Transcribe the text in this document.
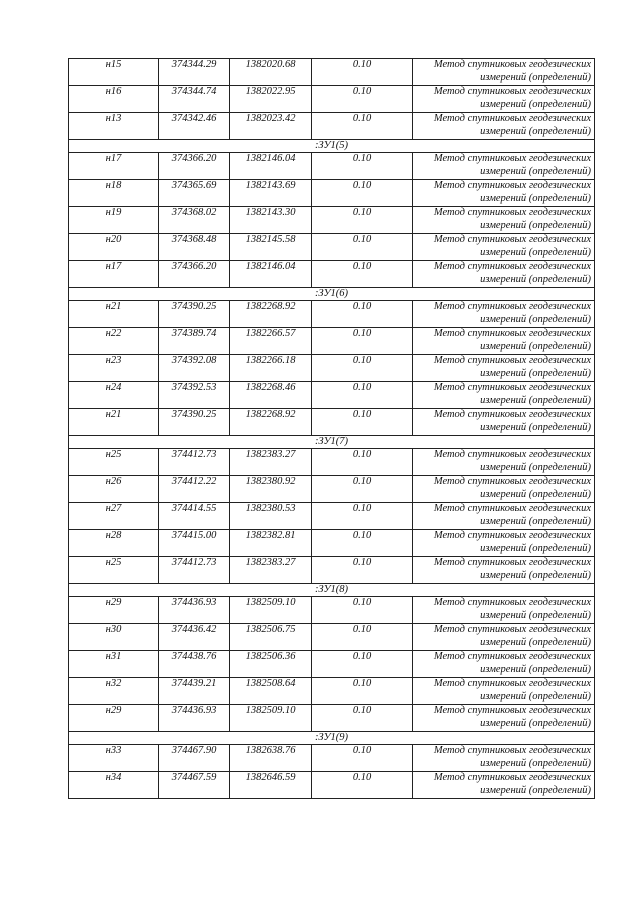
н15	374344.29	1382020.68	0.10	Метод спутниковых геодезических
измерений (определений)

н16	374344.74	1382022.95	0.10	Метод спутниковых геодезических
измерений (определений)

н13	374342.46	1382023.42	0.10	Метод спутниковых геодезических
измерений (определений)

:ЗУ1(5)				
н17	374366.20	1382146.04	0.10	Метод спутниковых геодезических
измерений (определений)

н18	374365.69	1382143.69	0.10	Метод спутниковых геодезических
измерений (определений)

н19	374368.02	1382143.30	0.10	Метод спутниковых геодезических
измерений (определений)

н20	374368.48	1382145.58	0.10	Метод спутниковых геодезических
измерений (определений)

н17	374366.20	1382146.04	0.10	Метод спутниковых геодезических
измерений (определений)

:ЗУ1(6)				
н21	374390.25	1382268.92	0.10	Метод спутниковых геодезических
измерений (определений)

н22	374389.74	1382266.57	0.10	Метод спутниковых геодезических
измерений (определений)

н23	374392.08	1382266.18	0.10	Метод спутниковых геодезических
измерений (определений)

н24	374392.53	1382268.46	0.10	Метод спутниковых геодезических
измерений (определений)

н21	374390.25	1382268.92	0.10	Метод спутниковых геодезических
измерений (определений)

:ЗУ1(7)				
н25	374412.73	1382383.27	0.10	Метод спутниковых геодезических
измерений (определений)

н26	374412.22	1382380.92	0.10	Метод спутниковых геодезических
измерений (определений)

н27	374414.55	1382380.53	0.10	Метод спутниковых геодезических
измерений (определений)

н28	374415.00	1382382.81	0.10	Метод спутниковых геодезических
измерений (определений)

н25	374412.73	1382383.27	0.10	Метод спутниковых геодезических
измерений (определений)

:ЗУ1(8)				
н29	374436.93	1382509.10	0.10	Метод спутниковых геодезических
измерений (определений)

н30	374436.42	1382506.75	0.10	Метод спутниковых геодезических
измерений (определений)

н31	374438.76	1382506.36	0.10	Метод спутниковых геодезических
измерений (определений)

н32	374439.21	1382508.64	0.10	Метод спутниковых геодезических
измерений (определений)

н29	374436.93	1382509.10	0.10	Метод спутниковых геодезических
измерений (определений)

:ЗУ1(9)				
н33	374467.90	1382638.76	0.10	Метод спутниковых геодезических
измерений (определений)

н34	374467.59	1382646.59	0.10	Метод спутниковых геодезических
измерений (определений)
